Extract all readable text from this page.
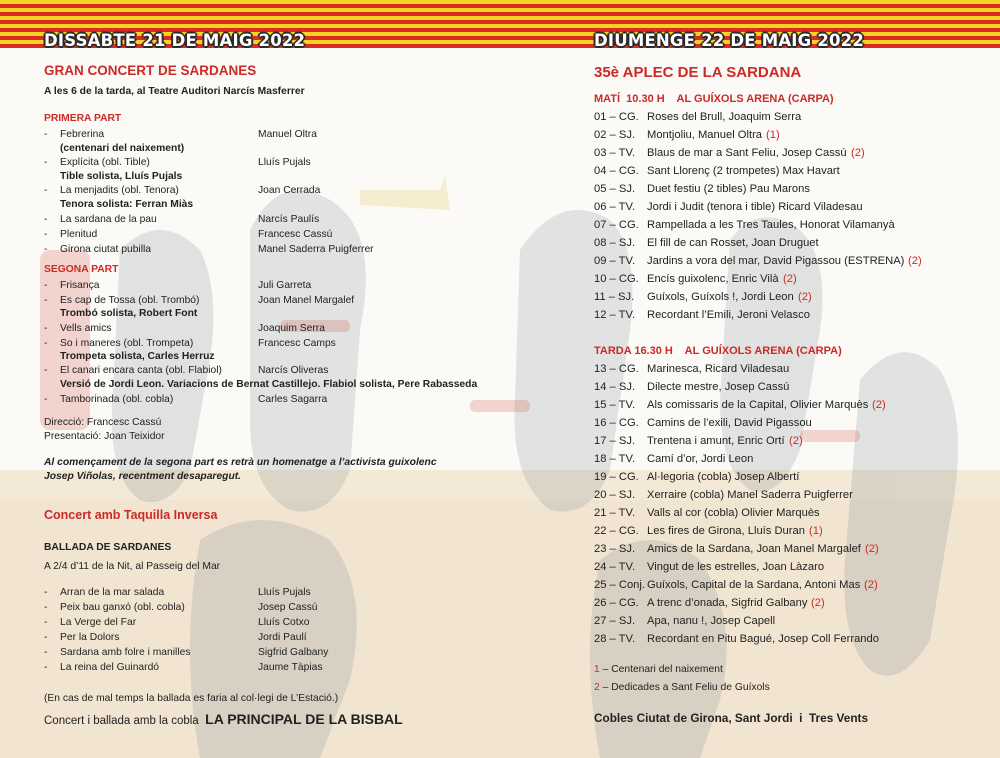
DISSABTE 21 DE MAIG 2022	DIUMENGE 22 DE MAIG 2022
GRAN CONCERT DE SARDANES
A les 6 de la tarda, al Teatre Auditori Narcís Masferrer
PRIMERA PART
- Febrerina	Manuel Oltra
(centenari del naixement)
- Explícita (obl. Tible)	Lluís Pujals
Tible solista, Lluís Pujals
- La menjadits (obl. Tenora)	Joan Cerrada
Tenora solista: Ferran Miàs
- La sardana de la pau	Narcís Paulís
- Plenitud	Francesc Cassú
- Girona ciutat pubilla	Manel Saderra Puigferrer
SEGONA PART
- Frisança	Juli Garreta
- Es cap de Tossa (obl. Trombó)	Joan Manel Margalef
Trombó solista, Robert Font
- Vells amics	Joaquim Serra
- So i maneres (obl. Trompeta)	Francesc Camps
Trompeta solista, Carles Herruz
- El canari encara canta (obl. Flabiol)	Narcís Oliveras
Versió de Jordi Leon. Variacions de Bernat Castillejo. Flabiol solista, Pere Rabasseda
- Tamborinada (obl. cobla)	Carles Sagarra
Direcció: Francesc Cassú
Presentació: Joan Teixidor
Al començament de la segona part es retrà un homenatge a l’activista guixolenc
Josep Viñolas, recentment desaparegut.
Concert amb Taquilla Inversa
BALLADA DE SARDANES
A 2/4 d’11 de la Nit, al Passeig del Mar
- Arran de la mar salada	Lluís Pujals
- Peix bau ganxó (obl. cobla)	Josep Cassú
- La Verge del Far	Lluís Cotxo
- Per la Dolors	Jordi Paulí
- Sardana amb folre i manilles	Sigfrid Galbany
- La reina del Guinardó	Jaume Tàpias
(En cas de mal temps la ballada es faria al col·legi de L’Estació.)
Concert i ballada amb la cobla LA PRINCIPAL DE LA BISBAL
35è APLEC DE LA SARDANA
MATÍ  10.30 H    AL GUÍXOLS ARENA (CARPA)
01 – CG. Roses del Brull, Joaquim Serra
02 – SJ. Montjoliu, Manuel Oltra (1)
03 – TV. Blaus de mar a Sant Feliu, Josep Cassú (2)
04 – CG. Sant Llorenç (2 trompetes) Max Havart
05 – SJ. Duet festiu (2 tibles) Pau Marons
06 – TV. Jordi i Judit (tenora i tible) Ricard Viladesau
07 – CG. Rampellada a les Tres Taules, Honorat Vilamanyà
08 – SJ. El fill de can Rosset, Joan Druguet
09 – TV. Jardins a vora del mar, David Pigassou (ESTRENA) (2)
10 – CG. Encís guixolenc, Enric Vilà (2)
11 – SJ. Guíxols, Guíxols !, Jordi Leon (2)
12 – TV. Recordant l’Emili, Jeroni Velasco
TARDA 16.30 H    AL GUÍXOLS ARENA (CARPA)
13 – CG. Marinesca, Ricard Viladesau
14 – SJ. Dilecte mestre, Josep Cassú
15 – TV. Als comissaris de la Capital, Olivier Marquès (2)
16 – CG. Camins de l’exili, David Pigassou
17 – SJ. Trentena i amunt, Enric Ortí (2)
18 – TV. Camí d’or, Jordi Leon
19 – CG. Al·legoria (cobla) Josep Albertí
20 – SJ. Xerraire (cobla) Manel Saderra Puigferrer
21 – TV. Valls al cor (cobla) Olivier Marquès
22 – CG. Les fires de Girona, Lluís Duran (1)
23 – SJ. Amics de la Sardana, Joan Manel Margalef (2)
24 – TV. Vingut de les estrelles, Joan Làzaro
25 – Conj. Guíxols, Capital de la Sardana, Antoni Mas (2)
26 – CG. A trenc d’onada, Sigfrid Galbany (2)
27 – SJ. Apa, nanu !, Josep Capell
28 – TV. Recordant en Pitu Bagué, Josep Coll Ferrando
1 – Centenari del naixement
2 – Dedicades a Sant Feliu de Guíxols
Cobles Ciutat de Girona, Sant Jordi  i  Tres Vents
